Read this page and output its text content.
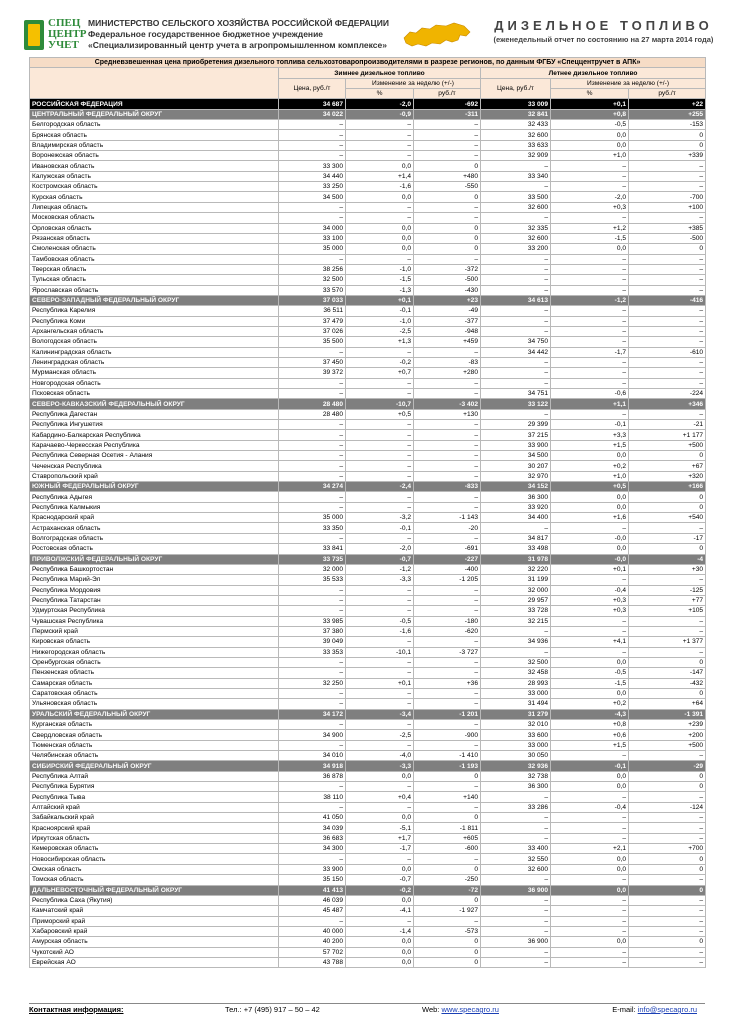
СПЕЦ
ЦЕНТР
УЧЕТ
МИНИСТЕРСТВО СЕЛЬСКОГО ХОЗЯЙСТВА РОССИЙСКОЙ ФЕДЕРАЦИИ
Федеральное государственное бюджетное учреждение
«Специализированный центр учета в агропромышленном комплексе»
ДИЗЕЛЬНОЕ ТОПЛИВО
(еженедельный отчет по состоянию на 27 марта 2014 года)
Средневзвешенная цена приобретения дизельного топлива сельхозтоваропроизводителями в разрезе регионов, по данным ФГБУ «Спеццентручет в АПК»						
	Зимнее дизельное топливо			Летнее дизельное топливо		
	Цена, руб./т	Изменение за неделю (+/-)		Цена, руб./т	Изменение за неделю (+/-)	
		%	руб./т		%	руб./т
РОССИЙСКАЯ ФЕДЕРАЦИЯ	34 687	-2,0	-692	33 009	+0,1	+22
ЦЕНТРАЛЬНЫЙ ФЕДЕРАЛЬНЫЙ ОКРУГ	34 022	-0,9	-311	32 841	+0,8	+255
Белгородская область	–	–	–	32 433	-0,5	-153
Брянская область	–	–	–	32 600	0,0	0
Владимирская область	–	–	–	33 633	0,0	0
Воронежская область	–	–	–	32 909	+1,0	+339
Ивановская область	33 300	0,0	0	–	–	–
Калужская область	34 440	+1,4	+480	33 340	–	–
Костромская область	33 250	-1,6	-550	–	–	–
Курская область	34 500	0,0	0	33 500	-2,0	-700
Липецкая область	–	–	–	32 600	+0,3	+100
Московская область	–	–	–	–	–	–
Орловская область	34 000	0,0	0	32 335	+1,2	+385
Рязанская область	33 100	0,0	0	32 600	-1,5	-500
Смоленская область	35 000	0,0	0	33 200	0,0	0
Тамбовская область	–	–	–	–	–	–
Тверская область	38 256	-1,0	-372	–	–	–
Тульская область	32 500	-1,5	-500	–	–	–
Ярославская область	33 570	-1,3	-430	–	–	–
СЕВЕРО-ЗАПАДНЫЙ ФЕДЕРАЛЬНЫЙ ОКРУГ	37 033	+0,1	+23	34 613	-1,2	-416
Республика Карелия	36 511	-0,1	-49	–	–	–
Республика Коми	37 479	-1,0	-377	–	–	–
Архангельская область	37 026	-2,5	-948	–	–	–
Вологодская область	35 500	+1,3	+459	34 750	–	–
Калининградская область	–	–	–	34 442	-1,7	-610
Ленинградская область	37 450	-0,2	-83	–	–	–
Мурманская область	39 372	+0,7	+280	–	–	–
Новгородская область	–	–	–	–	–	–
Псковская область	–	–	–	34 751	-0,6	-224
СЕВЕРО-КАВКАЗСКИЙ ФЕДЕРАЛЬНЫЙ ОКРУГ	28 480	-10,7	-3 402	33 122	+1,1	+346
Республика Дагестан	28 480	+0,5	+130	–	–	–
Республика Ингушетия	–	–	–	29 399	-0,1	-21
Кабардино-Балкарская Республика	–	–	–	37 215	+3,3	+1 177
Карачаево-Черкесская Республика	–	–	–	33 900	+1,5	+500
Республика Северная Осетия - Алания	–	–	–	34 500	0,0	0
Чеченская Республика	–	–	–	30 207	+0,2	+67
Ставропольский край	–	–	–	32 970	+1,0	+320
ЮЖНЫЙ ФЕДЕРАЛЬНЫЙ ОКРУГ	34 274	-2,4	-833	34 152	+0,5	+166
Республика Адыгея	–	–	–	36 300	0,0	0
Республика Калмыкия	–	–	–	33 920	0,0	0
Краснодарский край	35 000	-3,2	-1 143	34 400	+1,6	+540
Астраханская область	33 350	-0,1	-20	–	–	–
Волгоградская область	–	–	–	34 817	-0,0	-17
Ростовская область	33 841	-2,0	-691	33 498	0,0	0
ПРИВОЛЖСКИЙ ФЕДЕРАЛЬНЫЙ ОКРУГ	33 735	-0,7	-227	31 978	-0,0	-4
Республика Башкортостан	32 000	-1,2	-400	32 220	+0,1	+30
Республика Марий-Эл	35 533	-3,3	-1 205	31 199	–	–
Республика Мордовия	–	–	–	32 000	-0,4	-125
Республика Татарстан	–	–	–	29 957	+0,3	+77
Удмуртская Республика	–	–	–	33 728	+0,3	+105
Чувашская Республика	33 985	-0,5	-180	32 215	–	–
Пермский край	37 380	-1,6	-620	–	–	–
Кировская область	39 049	–	–	34 936	+4,1	+1 377
Нижегородская область	33 353	-10,1	-3 727	–	–	–
Оренбургская область	–	–	–	32 500	0,0	0
Пензенская область	–	–	–	32 458	-0,5	-147
Самарская область	32 250	+0,1	+36	28 993	-1,5	-432
Саратовская область	–	–	–	33 000	0,0	0
Ульяновская область	–	–	–	31 494	+0,2	+64
УРАЛЬСКИЙ ФЕДЕРАЛЬНЫЙ ОКРУГ	34 172	-3,4	-1 201	31 279	-4,3	-1 391
Курганская область	–	–	–	32 010	+0,8	+239
Свердловская область	34 900	-2,5	-900	33 600	+0,6	+200
Тюменская область	–	–	–	33 000	+1,5	+500
Челябинская область	34 010	-4,0	-1 410	30 050	–	–
СИБИРСКИЙ ФЕДЕРАЛЬНЫЙ ОКРУГ	34 918	-3,3	-1 193	32 936	-0,1	-29
Республика Алтай	36 878	0,0	0	32 738	0,0	0
Республика Бурятия	–	–	–	36 300	0,0	0
Республика Тыва	38 110	+0,4	+140	–	–	–
Алтайский край	–	–	–	33 286	-0,4	-124
Забайкальский край	41 050	0,0	0	–	–	–
Красноярский край	34 039	-5,1	-1 811	–	–	–
Иркутская область	36 683	+1,7	+605	–	–	–
Кемеровская область	34 300	-1,7	-600	33 400	+2,1	+700
Новосибирская область	–	–	–	32 550	0,0	0
Омская область	33 900	0,0	0	32 600	0,0	0
Томская область	35 150	-0,7	-250	–	–	–
ДАЛЬНЕВОСТОЧНЫЙ ФЕДЕРАЛЬНЫЙ ОКРУГ	41 413	-0,2	-72	36 900	0,0	0
Республика Саха (Якутия)	46 039	0,0	0	–	–	–
Камчатский край	45 487	-4,1	-1 927	–	–	–
Приморский край	–	–	–	–	–	–
Хабаровский край	40 000	-1,4	-573	–	–	–
Амурская область	40 200	0,0	0	36 900	0,0	0
Чукотский АО	57 702	0,0	0	–	–	–
Еврейская АО	43 788	0,0	0	–	–	–
Контактная информация:	Тел.: +7 (495) 917 – 50 – 42	Web: www.specagro.ru	E-mail: info@specagro.ru
